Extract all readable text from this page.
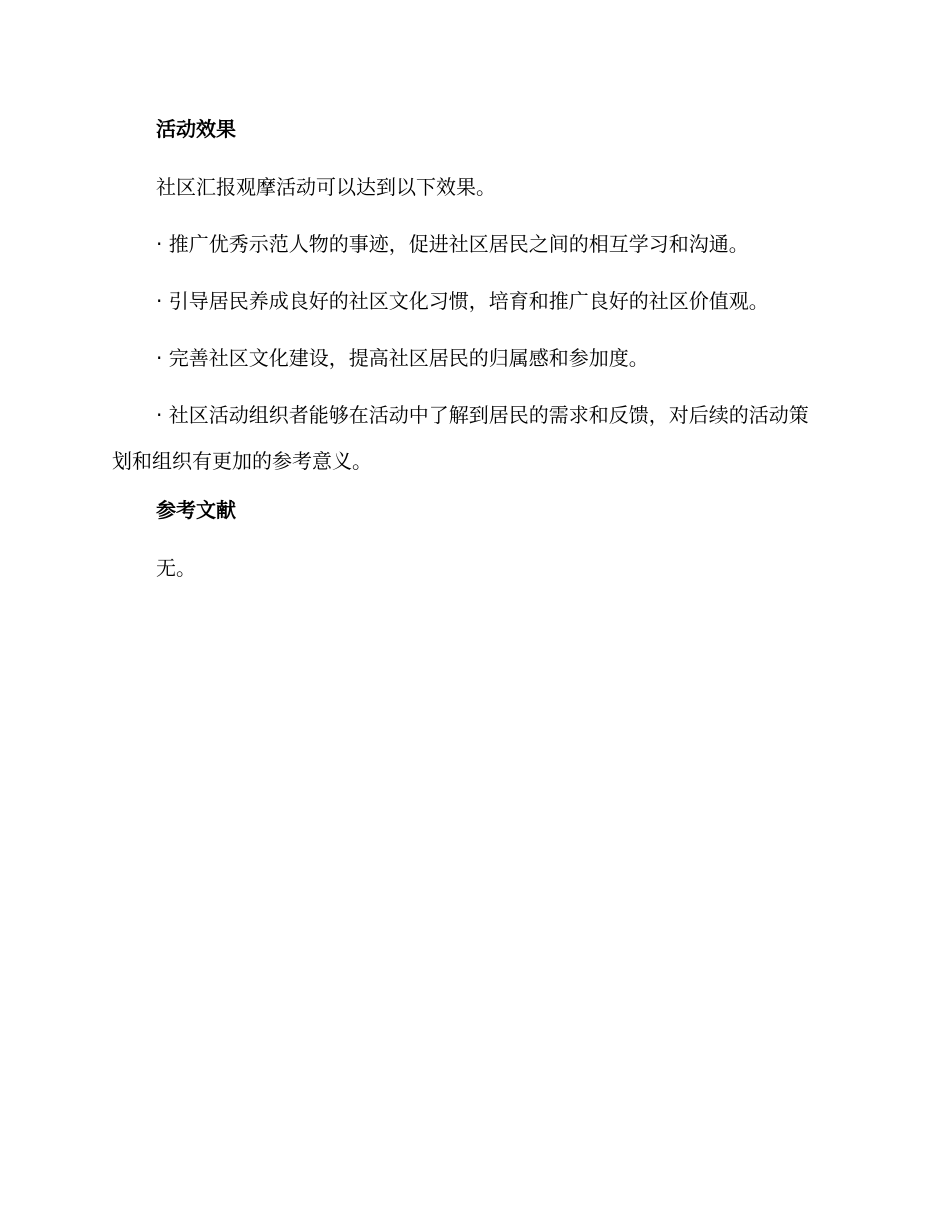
活动效果

社区汇报观摩活动可以达到以下效果。

· 推广优秀示范人物的事迹，促进社区居民之间的相互学习和沟通。

· 引导居民养成良好的社区文化习惯，培育和推广良好的社区价值观。

· 完善社区文化建设，提高社区居民的归属感和参加度。

· 社区活动组织者能够在活动中了解到居民的需求和反馈，对后续的活动策划和组织有更加的参考意义。

参考文献

无。
